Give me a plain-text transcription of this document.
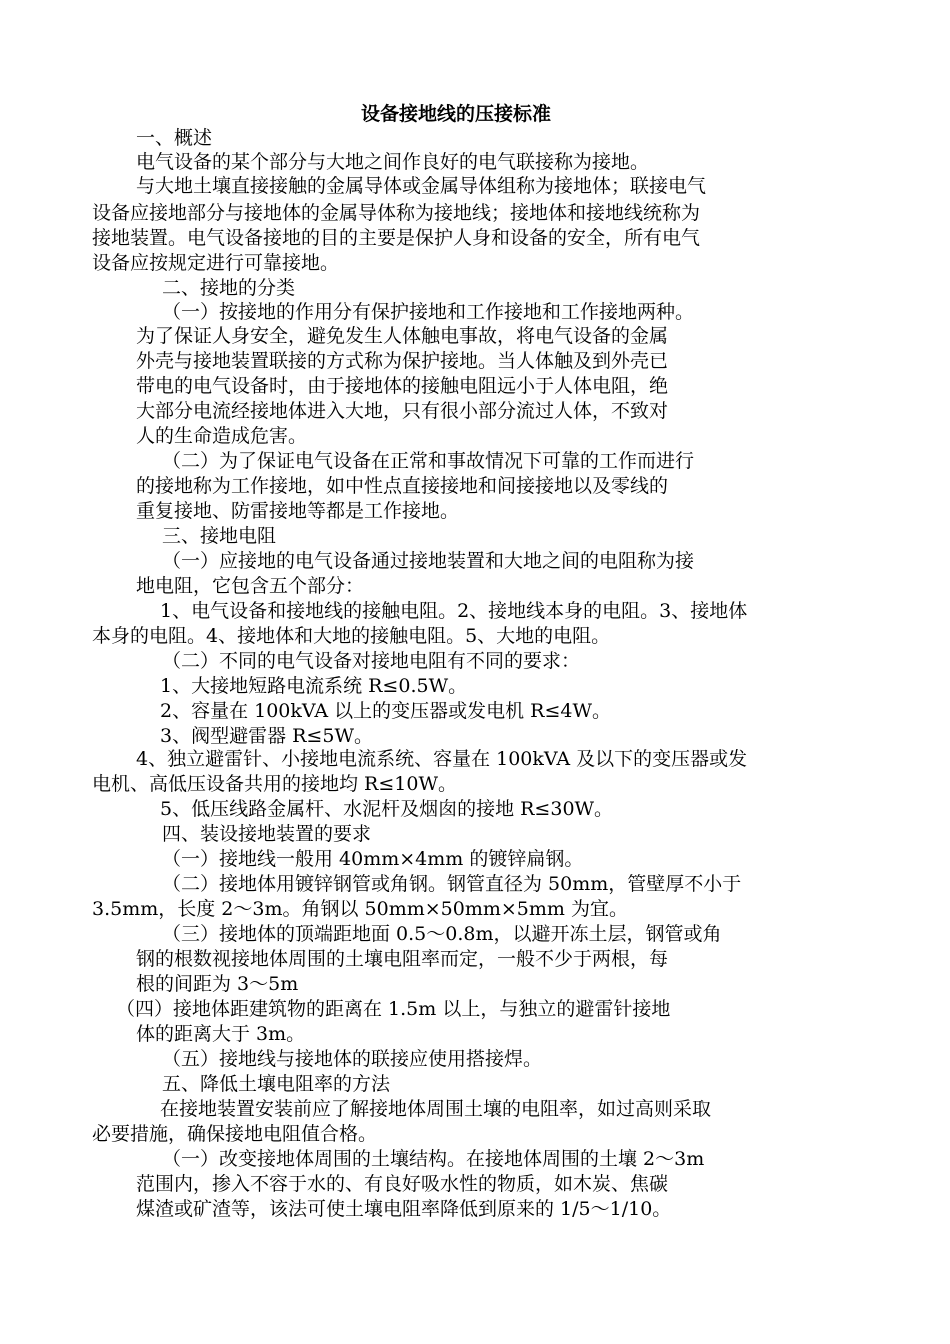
设备接地线的压接标准
一、概述
电气设备的某个部分与大地之间作良好的电气联接称为接地。
与大地土壤直接接触的金属导体或金属导体组称为接地体；联接电气
设备应接地部分与接地体的金属导体称为接地线；接地体和接地线统称为
接地装置。电气设备接地的目的主要是保护人身和设备的安全，所有电气
设备应按规定进行可靠接地。
二、接地的分类
（一）按接地的作用分有保护接地和工作接地和工作接地两种。
为了保证人身安全，避免发生人体触电事故，将电气设备的金属
外壳与接地装置联接的方式称为保护接地。当人体触及到外壳已
带电的电气设备时，由于接地体的接触电阻远小于人体电阻，绝
大部分电流经接地体进入大地，只有很小部分流过人体，不致对
人的生命造成危害。
（二）为了保证电气设备在正常和事故情况下可靠的工作而进行
的接地称为工作接地，如中性点直接接地和间接接地以及零线的
重复接地、防雷接地等都是工作接地。
三、接地电阻
（一）应接地的电气设备通过接地装置和大地之间的电阻称为接
地电阻，它包含五个部分：
1、电气设备和接地线的接触电阻。2、接地线本身的电阻。3、接地体
本身的电阻。4、接地体和大地的接触电阻。5、大地的电阻。
（二）不同的电气设备对接地电阻有不同的要求：
1、大接地短路电流系统 R≤0.5W。
2、容量在 100kVA 以上的变压器或发电机 R≤4W。
3、阀型避雷器 R≤5W。
4、独立避雷针、小接地电流系统、容量在 100kVA 及以下的变压器或发
电机、高低压设备共用的接地均 R≤10W。
5、低压线路金属杆、水泥杆及烟囱的接地 R≤30W。
四、装设接地装置的要求
（一）接地线一般用 40mm×4mm 的镀锌扁钢。
（二）接地体用镀锌钢管或角钢。钢管直径为 50mm，管壁厚不小于
3.5mm，长度 2～3m。角钢以 50mm×50mm×5mm 为宜。
（三）接地体的顶端距地面 0.5～0.8m，以避开冻土层，钢管或角
钢的根数视接地体周围的土壤电阻率而定，一般不少于两根，每
根的间距为 3～5m
（四）接地体距建筑物的距离在 1.5m 以上，与独立的避雷针接地
体的距离大于 3m。
（五）接地线与接地体的联接应使用搭接焊。
五、降低土壤电阻率的方法
在接地装置安装前应了解接地体周围土壤的电阻率，如过高则采取
必要措施，确保接地电阻值合格。
（一）改变接地体周围的土壤结构。在接地体周围的土壤 2～3m
范围内，掺入不容于水的、有良好吸水性的物质，如木炭、焦碳
煤渣或矿渣等，该法可使土壤电阻率降低到原来的 1/5～1/10。
